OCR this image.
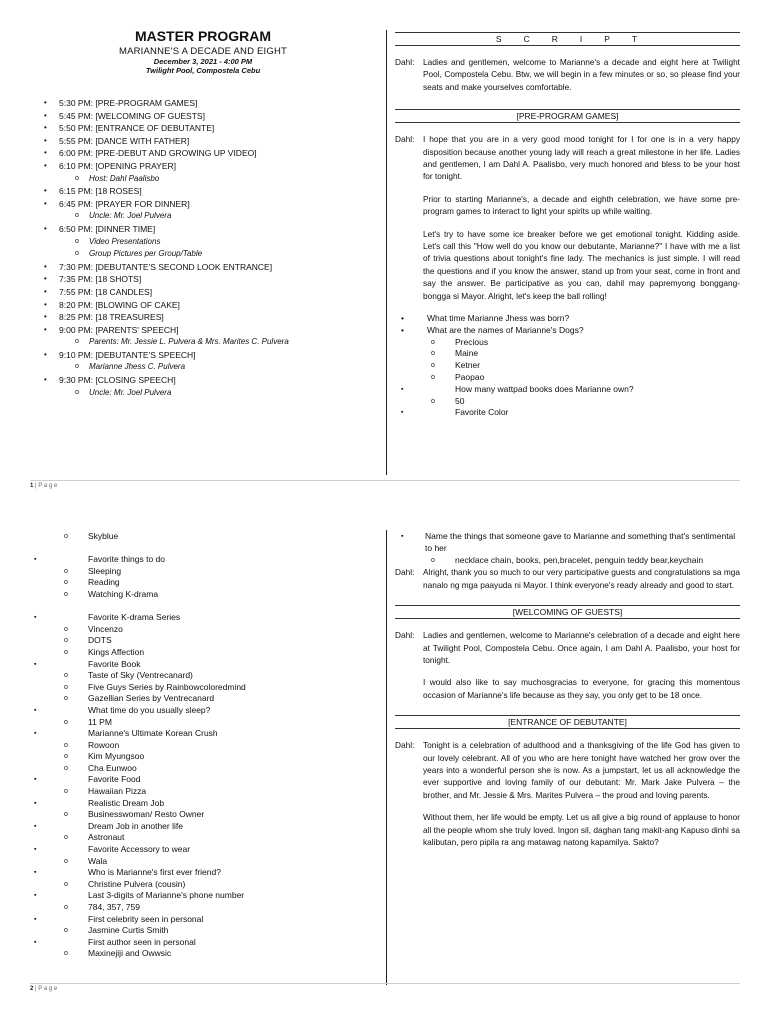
MASTER PROGRAM
MARIANNE'S A DECADE AND EIGHT
December 3, 2021 - 4:00 PM
Twilight Pool, Compostela Cebu
• 5:30 PM: [PRE-PROGRAM GAMES]
• 5:45 PM: [WELCOMING OF GUESTS]
• 5:50 PM: [ENTRANCE OF DEBUTANTE]
• 5:55 PM: [DANCE WITH FATHER]
• 6:00 PM: [PRE-DEBUT AND GROWING UP VIDEO]
• 6:10 PM: [OPENING PRAYER]
o Host: Dahl Paalisbo
• 6:15 PM: [18 ROSES]
• 6:45 PM: [PRAYER FOR DINNER]
o Uncle: Mr. Joel Pulvera
• 6:50 PM: [DINNER TIME]
o Video Presentations
o Group Pictures per Group/Table
• 7:30 PM: [DEBUTANTE'S SECOND LOOK ENTRANCE]
• 7:35 PM: [18 SHOTS]
• 7:55 PM: [18 CANDLES]
• 8:20 PM: [BLOWING OF CAKE]
• 8:25 PM: [18 TREASURES]
• 9:00 PM: [PARENTS' SPEECH]
o Parents: Mr. Jessie L. Pulvera & Mrs. Marites C. Pulvera
• 9:10 PM: [DEBUTANTE'S SPEECH]
o Marianne Jhess C. Pulvera
• 9:30 PM: [CLOSING SPEECH]
o Uncle: Mr. Joel Pulvera
SCRIPT
Dahl:	Ladies and gentlemen, welcome to Marianne's a decade and eight here at Twilight Pool, Compostela Cebu. Btw, we will begin in a few minutes or so, so please find your seats and make yourselves comfortable.
[PRE-PROGRAM GAMES]
Dahl:	I hope that you are in a very good mood tonight for I for one is in a very happy disposition because another young lady will reach a great milestone in her life. Ladies and gentlemen, I am Dahl A. Paalisbo, very much honored and bless to be your host for tonight.
Prior to starting Marianne's, a decade and eighth celebration, we have some pre-program games to interact to light your spirits up while waiting.
Let's try to have some ice breaker before we get emotional tonight. Kidding aside. Let's call this "How well do you know our debutante, Marianne?" I have with me a list of trivia questions about tonight's fine lady. The mechanics is just simple. I will read the questions and if you know the answer, stand up from your seat, come in front and say the answer. Be participative as you can, dahil may papremyong bonggang-bongga si Mayor. Alright, let's keep the ball rolling!
• What time Marianne Jhess was born?
• What are the names of Marianne's Dogs?
o Precious
o Maine
o Ketner
o Paopao
▪ How many wattpad books does Marianne own?
o 50
▪ Favorite Color
1 | P a g e
o Skyblue
▪ Favorite things to do
o Sleeping
o Reading
o Watching K-drama
▪ Favorite K-drama Series
o Vincenzo
o DOTS
o Kings Affection
▪ Favorite Book
o Taste of Sky (Ventrecanard)
o Five Guys Series by Rainbowcoloredmind
o Gazellian Series by Ventrecanard
▪ What time do you usually sleep?
o 11 PM
▪ Marianne's Ultimate Korean Crush
o Rowoon
o Kim Myungsoo
o Cha Eunwoo
▪ Favorite Food
o Hawaiian Pizza
▪ Realistic Dream Job
o Businesswoman/ Resto Owner
▪ Dream Job in another life
o Astronaut
▪ Favorite Accessory to wear
o Wala
▪ Who is Marianne's first ever friend?
o Christine Pulvera (cousin)
▪ Last 3-digits of Marianne's phone number
o 784, 357, 759
▪ First celebrity seen in personal
o Jasmine Curtis Smith
▪ First author seen in personal
o Maxinejiji and Owwsic
▪ Name the things that someone gave to Marianne and something that's sentimental to her
o necklace chain, books, pen,bracelet, penguin teddy bear,keychain
Dahl:	Alright, thank you so much to our very participative guests and congratulations sa mga nanalo ng mga paayuda ni Mayor. I think everyone's ready already and good to start.
[WELCOMING OF GUESTS]
Dahl:	Ladies and gentlemen, welcome to Marianne's celebration of a decade and eight here at Twilight Pool, Compostela Cebu. Once again, I am Dahl A. Paalisbo, your host for tonight.
I would also like to say muchosgracias to everyone, for gracing this momentous occasion of Marianne's life because as they say, you only get to be 18 once.
[ENTRANCE OF DEBUTANTE]
Dahl:	Tonight is a celebration of adulthood and a thanksgiving of the life God has given to our lovely celebrant. All of you who are here tonight have watched her grow over the years into a wonderful person she is now. As a jumpstart, let us all acknowledge the ever supportive and loving family of our debutant: Mr. Mark Jake Pulvera – the brother, and Mr. Jessie & Mrs. Marites Pulvera – the proud and loving parents.
Without them, her life would be empty. Let us all give a big round of applause to honor all the people whom she truly loved. Ingon sil, daghan tang makit-ang Kapuso dinhi sa kalibutan, pero pipila ra ang matawag natong kapamilya. Sakto?
2 | P a g e
